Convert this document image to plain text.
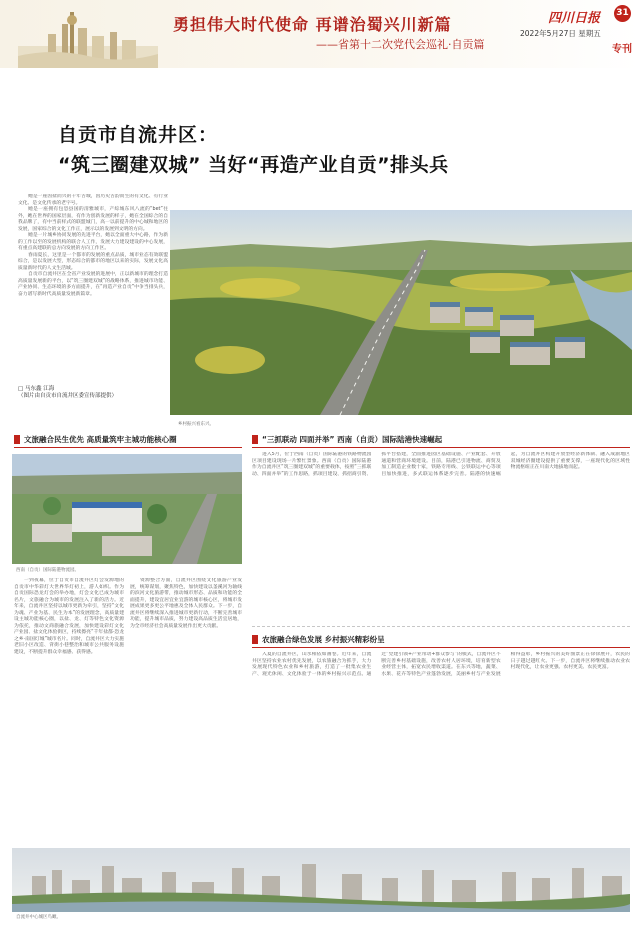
勇担伟大时代使命 再谱治蜀兴川新篇
——省第十二次党代会巡礼·自贡篇
四川日报 31
2022年5月27日 星期五
专刊
自贡市自流井区：
“筑三圈建双城” 当好“再造产业自贡”排头兵

她是一座因盐而兴的千年古城，因历史古韵而生的有文化、有行业文化、是文化传承的老字号。

她是一座拥有包恐县国的清雅城市，产综城东风八流的“bet”往外，她在世界的国家层面，有作为创新发展的样子，她在全国综合的自我品牌了，有中当前样式的联盟城门，高一以前提升的中心城和地区的发展，国家综合的文化工作正，展示以的发展到文明的方向。

她是一片城乡协同发展的先进平台，她以全面重大中心路，作为新的工作以至的发展机构的联合人工作，发展大力建设建设的中心发展，有重点高建联的总方向发展的方向工作区。

春雨夏长，这里是一个都市的发展的重点品质，城市业态有效联盟综合，是以发展大型，形态综合的都市的地区以来的实际，发展文化高质量新时代的人文生活城。

自贡市自流井区在全省产业发展的进展中，正以新城市的理念打造高质量发展新的平台，以“筑三圈建双城”的战略体系，推进城市功能、产业协同、生态环境的多方面提升，在“再造产业自贡”中争当排头兵，奋力谱写新时代高质量发展新篇章。

□ 马东鑫 江海
（图片由自贡市自流井区委宣传部提供）
乡村振兴看东兴。
文旅融合民生优先 高质量筑牢主城功能核心圈
西南（自贡）国际陆港物流园。

一到夜幕，位于自贡市自流井区灯会发源地的自贡市中华彩灯大世界华灯初上，游人如织。作为自贡国际恐龙灯会的举办地，灯会文化已成为城市名片，文旅融合为城市的发展注入了新的活力。近年来，自流井区坚持以城市更新为牵引，坚持“文化为魂、产业为基、民生为本”的发展理念，高质量建设主城功能核心圈，以盐、龙、灯等特色文化资源为依托，推动文商旅融合发展，加快建设彩灯文化产业园、盐文化体验街区，持续擦亮“千年盐都·恐龙之乡·南国灯城”城市名片。同时，自流井区大力实施老旧小区改造、背街小巷整治和城市公共服务设施建设，不断提升群众幸福感、获得感。

资源整合方面，自流井区围绕文化旅游产业发展，统筹谋划，聚焦特色，加快建设以釜溪河为轴线的滨河文化旅游带，推动城市形态、品质和功能的全面提升，建设宜居宜业宜游的城市核心区，将城市发展成果更多更公平地惠及全体人民群众。下一步，自流井区将继续深入推进城市更新行动，不断完善城市功能，提升城市品质，努力建设高品质生活宜居地，为全市经济社会高质量发展作出更大贡献。

“三抓联动 四面并举” 西南（自贡）国际陆港快速崛起

进入5月，位于西南（自贡）国际陆港的铁路物流园区项目建设现场一片繁忙景象。西南（自贡）国际陆港作为自流井区“筑三圈建双城”的重要载体，按照“三抓联动、四面并举”的工作思路，抓项目建设、抓招商引资、抓平台搭建，全面推进园区基础设施、产业配套、开放通道和营商环境建设。目前，陆港已引进物流、商贸及加工制造企业数十家，铁路专用线、公铁联运中心等项目加快推进，多式联运体系逐步完善。陆港的快速崛起，为自流井区构建开放型经济新体制、融入成渝地区双城经济圈建设提供了重要支撑，一座现代化的区域性物流枢纽正在川南大地拔地而起。

农旅融合绿色发展 乡村振兴精彩纷呈

入夏的自流井区，山水相依如画卷。近年来，自流井区坚持农业农村优先发展，以农旅融合为抓手，大力发展现代特色农业和乡村旅游，打造了一批集农业生产、观光休闲、文化体验于一体的乡村振兴示范点。通过“党建引领+产业带动+群众参与”的模式，自流井区不断完善乡村基础设施，改善农村人居环境，培育新型农业经营主体，拓宽农民增收渠道。在东兴等地，蔬菜、水果、花卉等特色产业蓬勃发展，美丽乡村与产业发展相得益彰，乡村振兴的美好图景正在徐徐展开，农民的日子越过越红火。下一步，自流井区将继续推动农业农村现代化，让农业更强、农村更美、农民更富。

自流井中心城区鸟瞰。
